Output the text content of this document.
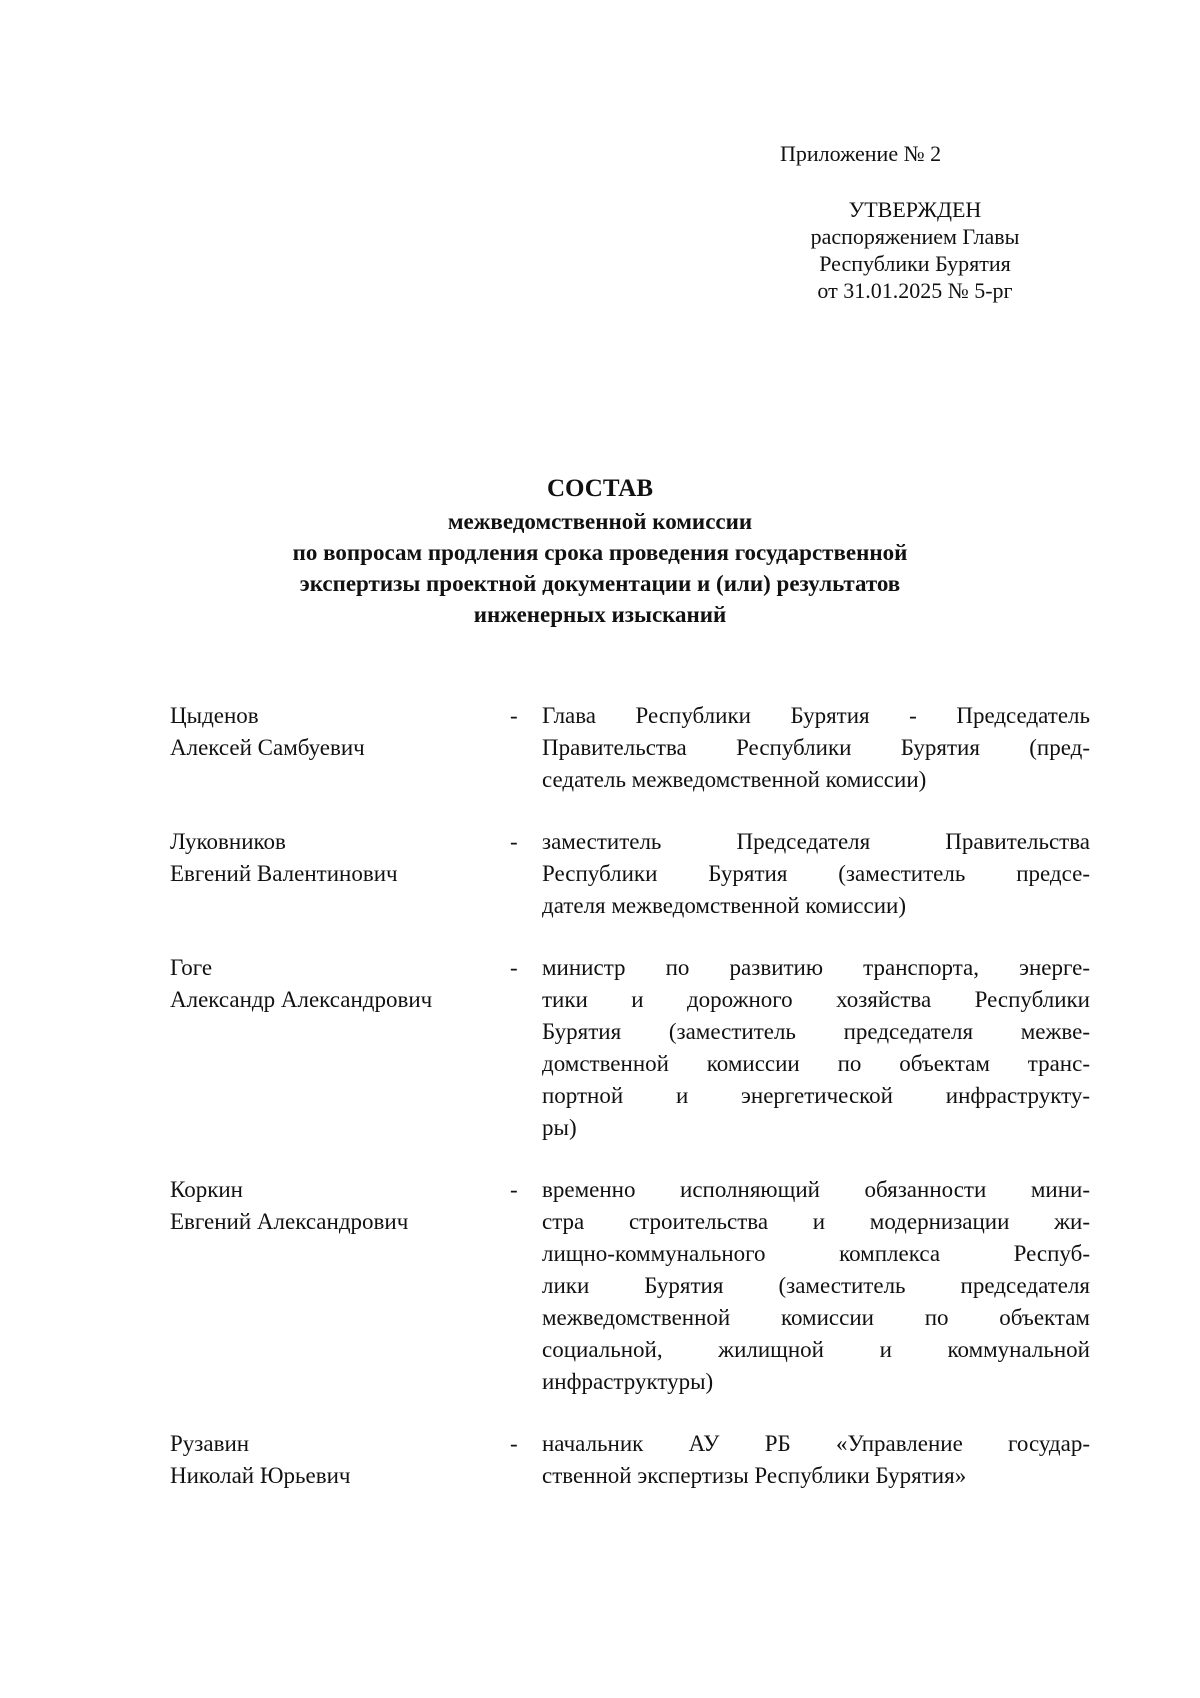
Приложение № 2
УТВЕРЖДЕН
распоряжением Главы
Республики Бурятия
от 31.01.2025 № 5-рг
СОСТАВ
межведомственной комиссии
по вопросам продления срока проведения государственной
экспертизы проектной документации и (или) результатов
инженерных изысканий
Цыденов
Алексей Самбуевич
-	Глава Республики Бурятия - Председатель
Правительства Республики Бурятия (пред-
седатель межведомственной комиссии)
Луковников
Евгений Валентинович
-	заместитель Председателя Правительства
Республики Бурятия (заместитель предсе-
дателя межведомственной комиссии)
Гоге
Александр Александрович
-	министр по развитию транспорта, энерге-
тики и дорожного хозяйства Республики
Бурятия (заместитель председателя межве-
домственной комиссии по объектам транс-
портной и энергетической инфраструкту-
ры)
Коркин
Евгений Александрович
-	временно исполняющий обязанности мини-
стра строительства и модернизации жи-
лищно-коммунального комплекса Респуб-
лики Бурятия (заместитель председателя
межведомственной комиссии по объектам
социальной, жилищной и коммунальной
инфраструктуры)
Рузавин
Николай Юрьевич
-	начальник АУ РБ «Управление государ-
ственной экспертизы Республики Бурятия»
